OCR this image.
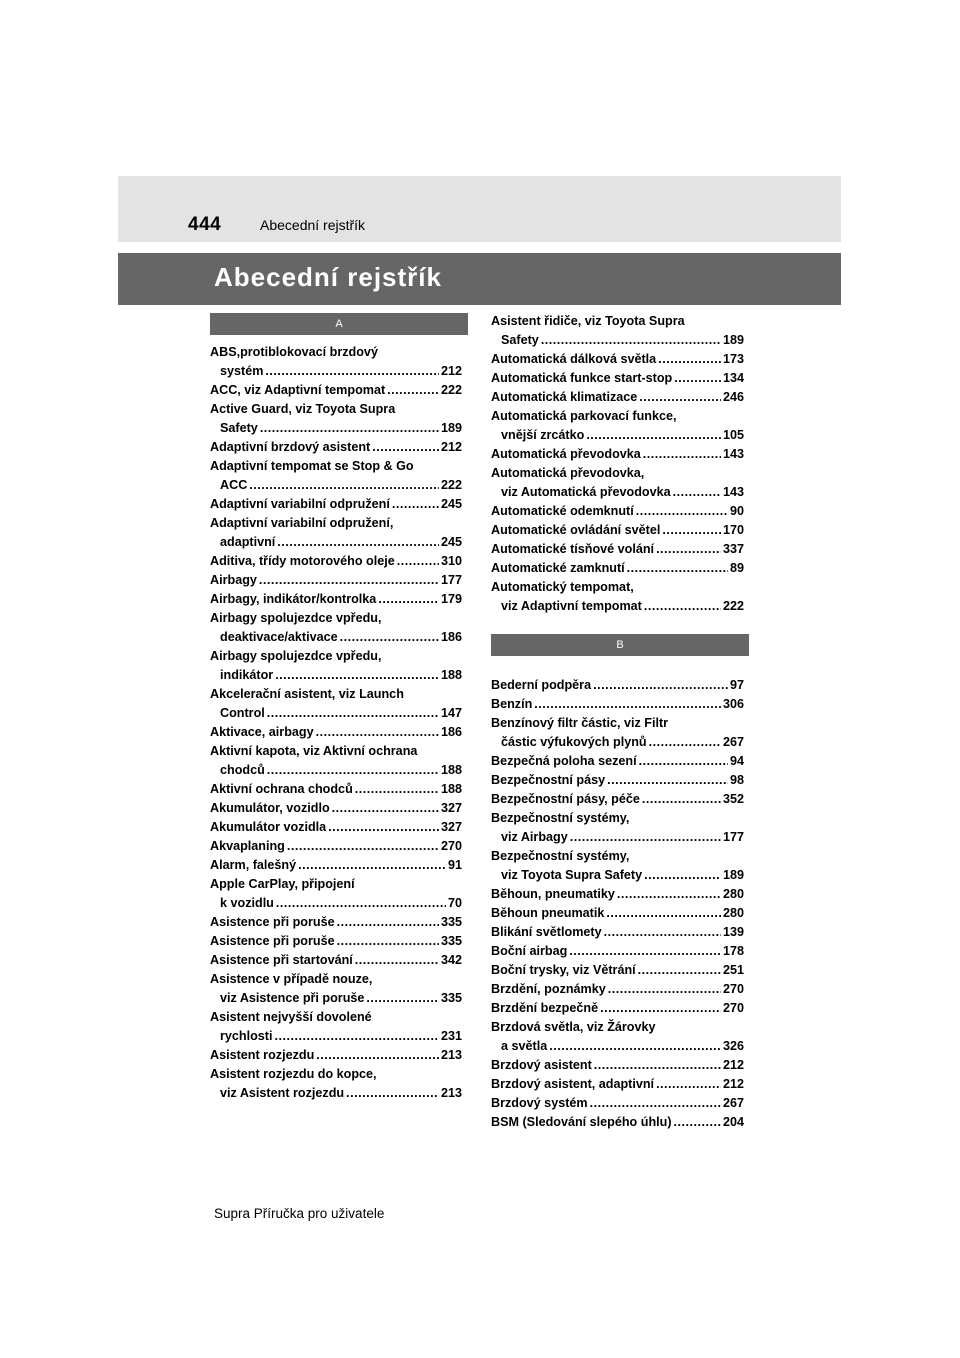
444	Abecední rejstřík
Abecední rejstřík
A
ABS,protiblokovací brzdový
systém .....	212
ACC, viz Adaptivní tempomat .....	222
Active Guard, viz Toyota Supra
Safety .....	189
Adaptivní brzdový asistent .....	212
Adaptivní tempomat se Stop & Go
ACC .....	222
Adaptivní variabilní odpružení .....	245
Adaptivní variabilní odpružení,
adaptivní .....	245
Aditiva, třídy motorového oleje .....	310
Airbagy .....	177
Airbagy, indikátor/kontrolka .....	179
Airbagy spolujezdce vpředu,
deaktivace/aktivace .....	186
Airbagy spolujezdce vpředu,
indikátor .....	188
Akcelerační asistent, viz Launch
Control .....	147
Aktivace, airbagy .....	186
Aktivní kapota, viz Aktivní ochrana
chodců .....	188
Aktivní ochrana chodců .....	188
Akumulátor, vozidlo .....	327
Akumulátor vozidla .....	327
Akvaplaning .....	270
Alarm, falešný .....	91
Apple CarPlay, připojení
k vozidlu .....	70
Asistence při poruše .....	335
Asistence při poruše .....	335
Asistence při startování .....	342
Asistence v případě nouze,
viz Asistence při poruše .....	335
Asistent nejvyšší dovolené
rychlosti .....	231
Asistent rozjezdu .....	213
Asistent rozjezdu do kopce,
viz Asistent rozjezdu .....	213
Asistent řidiče, viz Toyota Supra
Safety .....	189
Automatická dálková světla .....	173
Automatická funkce start-stop .....	134
Automatická klimatizace .....	246
Automatická parkovací funkce,
vnější zrcátko .....	105
Automatická převodovka .....	143
Automatická převodovka,
viz Automatická převodovka .....	143
Automatické odemknutí .....	90
Automatické ovládání světel .....	170
Automatické tísňové volání .....	337
Automatické zamknutí .....	89
Automatický tempomat,
viz Adaptivní tempomat .....	222
B
Bederní podpěra .....	97
Benzín .....	306
Benzínový filtr částic, viz Filtr
částic výfukových plynů .....	267
Bezpečná poloha sezení .....	94
Bezpečnostní pásy .....	98
Bezpečnostní pásy, péče .....	352
Bezpečnostní systémy,
viz Airbagy .....	177
Bezpečnostní systémy,
viz Toyota Supra Safety .....	189
Běhoun, pneumatiky .....	280
Běhoun pneumatik .....	280
Blikání světlomety .....	139
Boční airbag .....	178
Boční trysky, viz Větrání .....	251
Brzdění, poznámky .....	270
Brzdění bezpečně .....	270
Brzdová světla, viz Žárovky
a světla .....	326
Brzdový asistent .....	212
Brzdový asistent, adaptivní .....	212
Brzdový systém .....	267
BSM (Sledování slepého úhlu) .....	204
Supra Příručka pro uživatele
